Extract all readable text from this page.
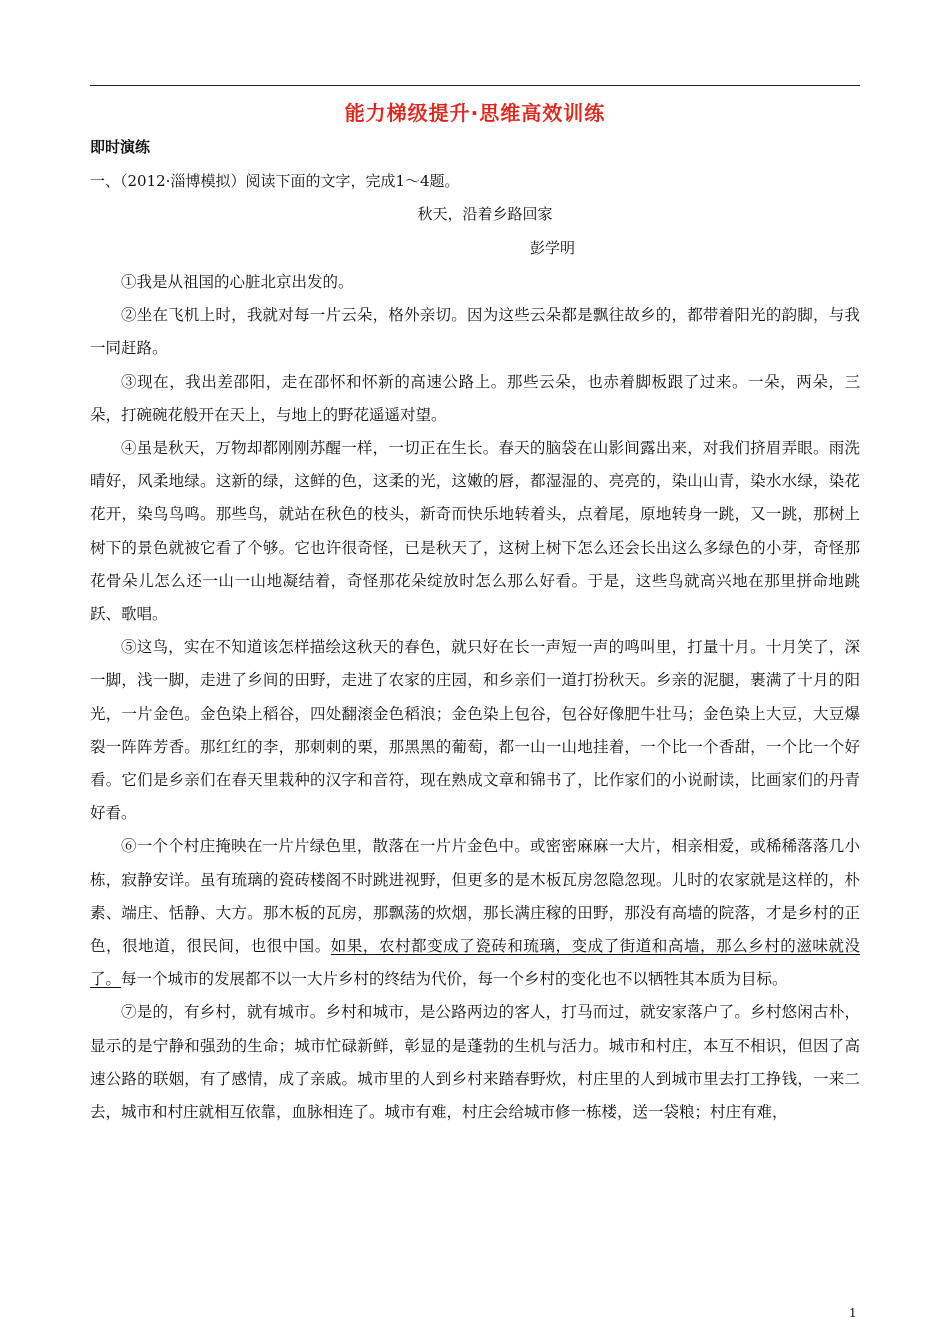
能力梯级提升·思维高效训练
即时演练
一、（2012·淄博模拟）阅读下面的文字，完成1～4题。
秋天，沿着乡路回家
彭学明

①我是从祖国的心脏北京出发的。

②坐在飞机上时，我就对每一片云朵，格外亲切。因为这些云朵都是飘往故乡的，都带着阳光的韵脚，与我一同赶路。

③现在，我出差邵阳，走在邵怀和怀新的高速公路上。那些云朵，也赤着脚板跟了过来。一朵，两朵，三朵，打碗碗花般开在天上，与地上的野花遥遥对望。

④虽是秋天，万物却都刚刚苏醒一样，一切正在生长。春天的脑袋在山影间露出来，对我们挤眉弄眼。雨洗晴好，风柔地绿。这新的绿，这鲜的色，这柔的光，这嫩的唇，都湿湿的、亮亮的，染山山青，染水水绿，染花花开，染鸟鸟鸣。那些鸟，就站在秋色的枝头，新奇而快乐地转着头，点着尾，原地转身一跳，又一跳，那树上树下的景色就被它看了个够。它也许很奇怪，已是秋天了，这树上树下怎么还会长出这么多绿色的小芽，奇怪那花骨朵儿怎么还一山一山地凝结着，奇怪那花朵绽放时怎么那么好看。于是，这些鸟就高兴地在那里拼命地跳跃、歌唱。

⑤这鸟，实在不知道该怎样描绘这秋天的春色，就只好在长一声短一声的鸣叫里，打量十月。十月笑了，深一脚，浅一脚，走进了乡间的田野，走进了农家的庄园，和乡亲们一道打扮秋天。乡亲的泥腿，裹满了十月的阳光，一片金色。金色染上稻谷，四处翻滚金色稻浪；金色染上包谷，包谷好像肥牛壮马；金色染上大豆，大豆爆裂一阵阵芳香。那红红的李，那刺刺的栗，那黑黑的葡萄，都一山一山地挂着，一个比一个香甜，一个比一个好看。它们是乡亲们在春天里栽种的汉字和音符，现在熟成文章和锦书了，比作家们的小说耐读，比画家们的丹青好看。

⑥一个个村庄掩映在一片片绿色里，散落在一片片金色中。或密密麻麻一大片，相亲相爱，或稀稀落落几小栋，寂静安详。虽有琉璃的瓷砖楼阁不时跳进视野，但更多的是木板瓦房忽隐忽现。儿时的农家就是这样的，朴素、端庄、恬静、大方。那木板的瓦房，那飘荡的炊烟，那长满庄稼的田野，那没有高墙的院落，才是乡村的正色，很地道，很民间，也很中国。如果，农村都变成了瓷砖和琉璃，变成了街道和高墙，那么乡村的滋味就没了。每一个城市的发展都不以一大片乡村的终结为代价，每一个乡村的变化也不以牺牲其本质为目标。

⑦是的，有乡村，就有城市。乡村和城市，是公路两边的客人，打马而过，就安家落户了。乡村悠闲古朴，显示的是宁静和强劲的生命；城市忙碌新鲜，彰显的是蓬勃的生机与活力。城市和村庄，本互不相识，但因了高速公路的联姻，有了感情，成了亲戚。城市里的人到乡村来踏春野炊，村庄里的人到城市里去打工挣钱，一来二去，城市和村庄就相互依靠，血脉相连了。城市有难，村庄会给城市修一栋楼，送一袋粮；村庄有难，

1
